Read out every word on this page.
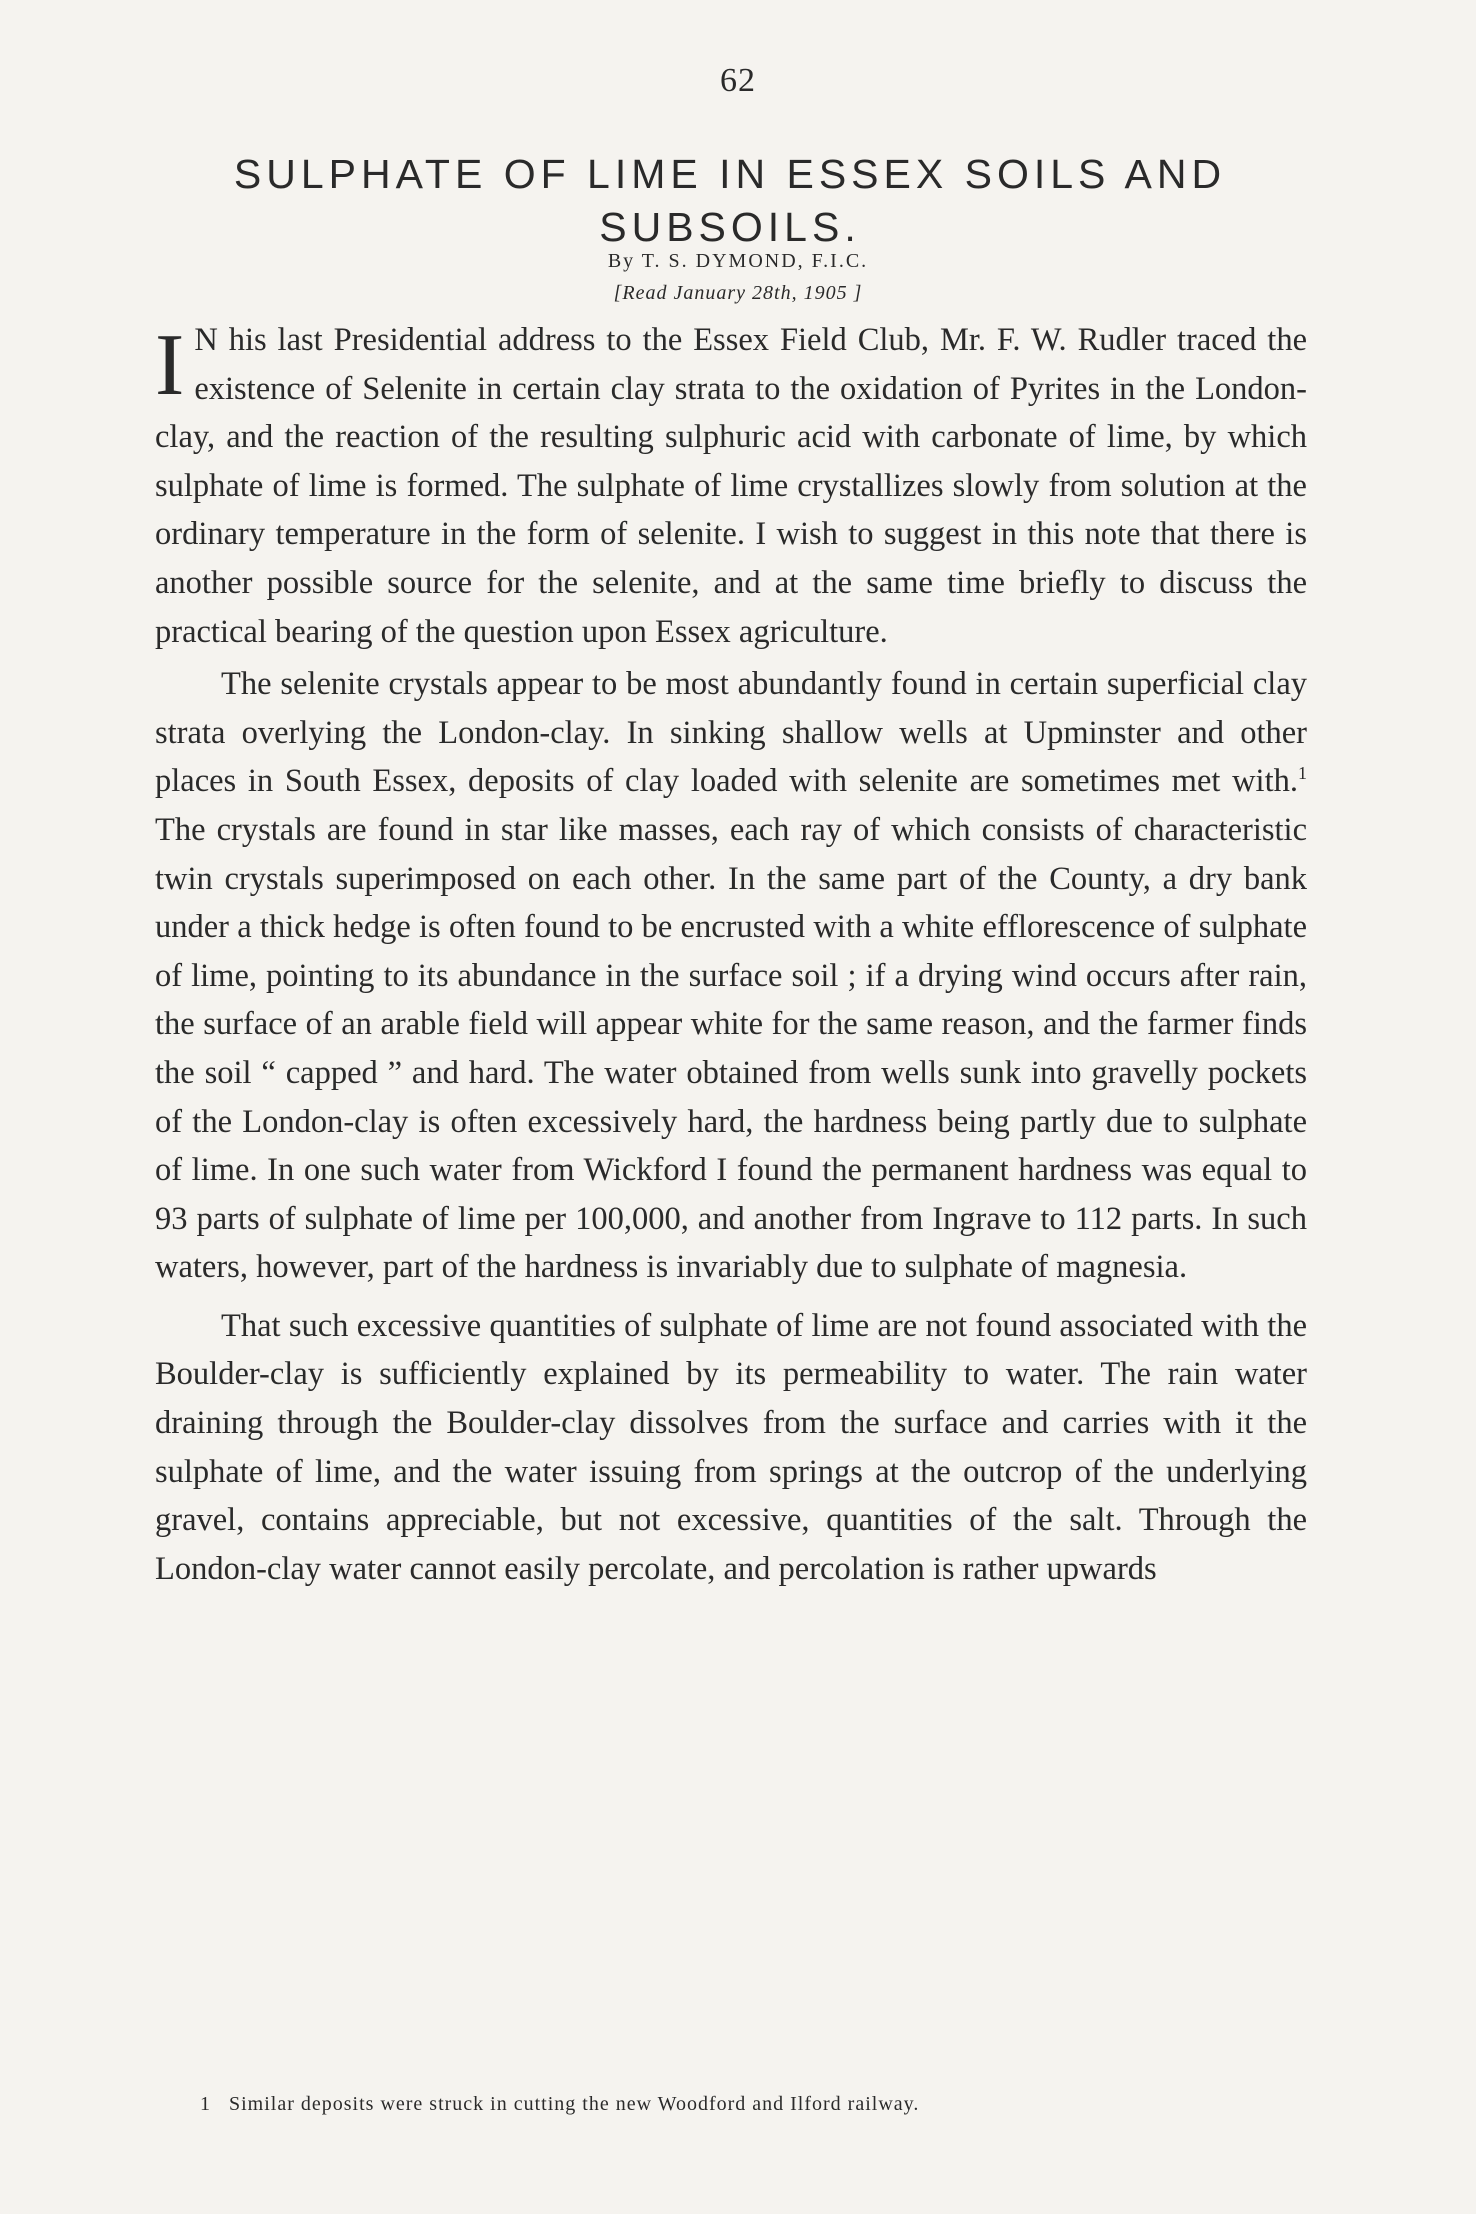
62
SULPHATE OF LIME IN ESSEX SOILS AND SUBSOILS.
By T. S. DYMOND, F.I.C.
[Read January 28th, 1905 ]

I N his last Presidential address to the Essex Field Club, Mr. F. W. Rudler traced the existence of Selenite in certain clay strata to the oxidation of Pyrites in the London-clay, and the reaction of the resulting sulphuric acid with carbonate of lime, by which sulphate of lime is formed. The sulphate of lime crystallizes slowly from solution at the ordinary temperature in the form of selenite. I wish to suggest in this note that there is another possible source for the selenite, and at the same time briefly to discuss the practical bearing of the question upon Essex agriculture.

The selenite crystals appear to be most abundantly found in certain superficial clay strata overlying the London-clay. In sinking shallow wells at Upminster and other places in South Essex, deposits of clay loaded with selenite are sometimes met with.$^1$ The crystals are found in star like masses, each ray of which consists of characteristic twin crystals superimposed on each other. In the same part of the County, a dry bank under a thick hedge is often found to be encrusted with a white efflorescence of sulphate of lime, pointing to its abundance in the surface soil ; if a drying wind occurs after rain, the surface of an arable field will appear white for the same reason, and the farmer finds the soil “ capped ” and hard. The water obtained from wells sunk into gravelly pockets of the London-clay is often excessively hard, the hardness being partly due to sulphate of lime. In one such water from Wickford I found the permanent hardness was equal to 93 parts of sulphate of lime per 100,000, and another from Ingrave to 112 parts. In such waters, however, part of the hardness is invariably due to sulphate of magnesia.

That such excessive quantities of sulphate of lime are not found associated with the Boulder-clay is sufficiently explained by its permeability to water. The rain water draining through the Boulder-clay dissolves from the surface and carries with it the sulphate of lime, and the water issuing from springs at the outcrop of the underlying gravel, contains appreciable, but not excessive, quantities of the salt. Through the London-clay water cannot easily percolate, and percolation is rather upwards

1 Similar deposits were struck in cutting the new Woodford and Ilford railway.
